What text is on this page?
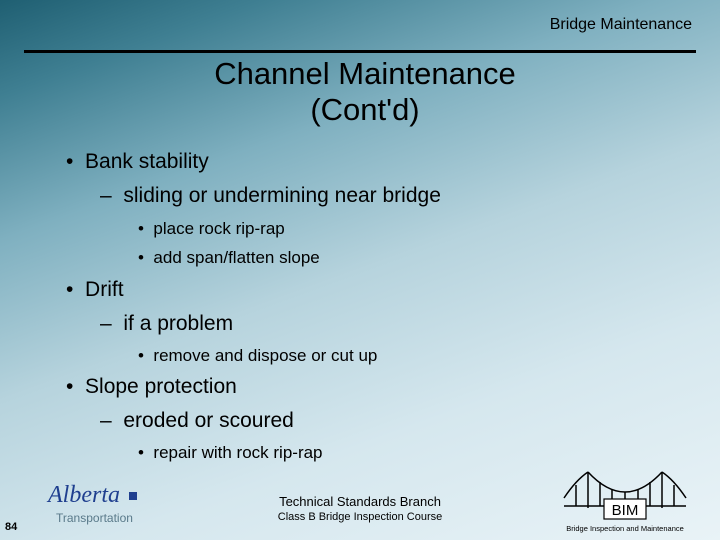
Bridge Maintenance
Channel Maintenance
(Cont'd)
•  Bank stability
–  sliding or undermining near bridge
•  place rock rip-rap
•  add span/flatten slope
•  Drift
–  if a problem
•  remove and dispose or cut up
•  Slope protection
–  eroded or scoured
•  repair with rock rip-rap
84
Alberta
Transportation
Technical Standards Branch
Class B Bridge Inspection Course	BIM
Bridge Inspection and Maintenance
